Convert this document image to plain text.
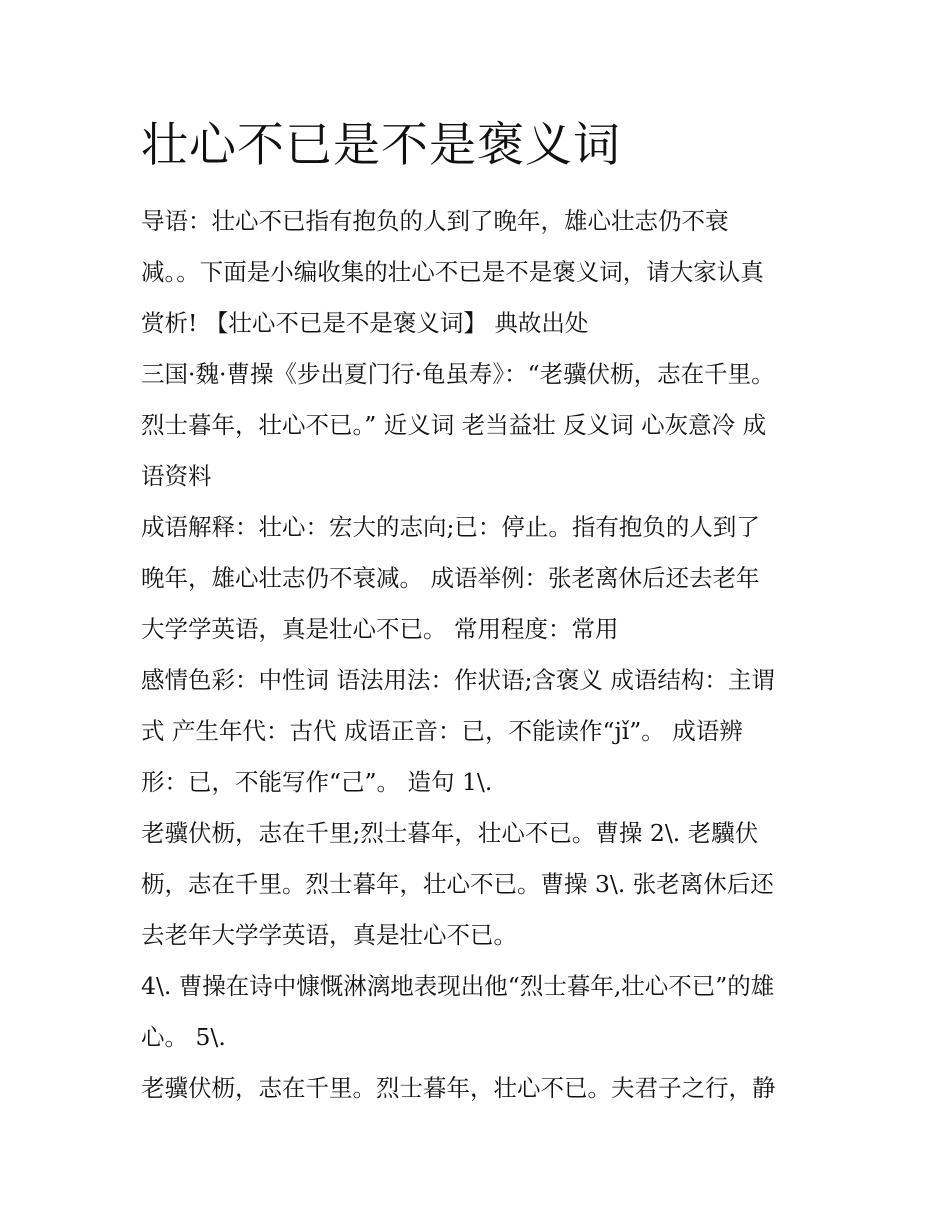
壮心不已是不是褒义词
导语：壮心不已指有抱负的人到了晚年，雄心壮志仍不衰
减。。下面是小编收集的壮心不已是不是褒义词，请大家认真
赏析! 【壮心不已是不是褒义词】 典故出处
三国·魏·曹操《步出夏门行·龟虽寿》：“老骥伏枥，志在千里。
烈士暮年，壮心不已。” 近义词 老当益壮 反义词 心灰意冷 成
语资料
成语解释：壮心：宏大的志向;已：停止。指有抱负的人到了
晚年，雄心壮志仍不衰减。 成语举例：张老离休后还去老年
大学学英语，真是壮心不已。 常用程度：常用
感情色彩：中性词 语法用法：作状语;含褒义 成语结构：主谓
式 产生年代：古代 成语正音：已，不能读作“jǐ”。 成语辨
形：已，不能写作“己”。 造句 1\.
老骥伏枥，志在千里;烈士暮年，壮心不已。曹操 2\. 老驥伏
枥，志在千里。烈士暮年，壮心不已。曹操 3\. 张老离休后还
去老年大学学英语，真是壮心不已。
4\. 曹操在诗中慷慨淋漓地表现出他“烈士暮年,壮心不已”的雄
心。 5\.
老骥伏枥，志在千里。烈士暮年，壮心不已。夫君子之行，静
